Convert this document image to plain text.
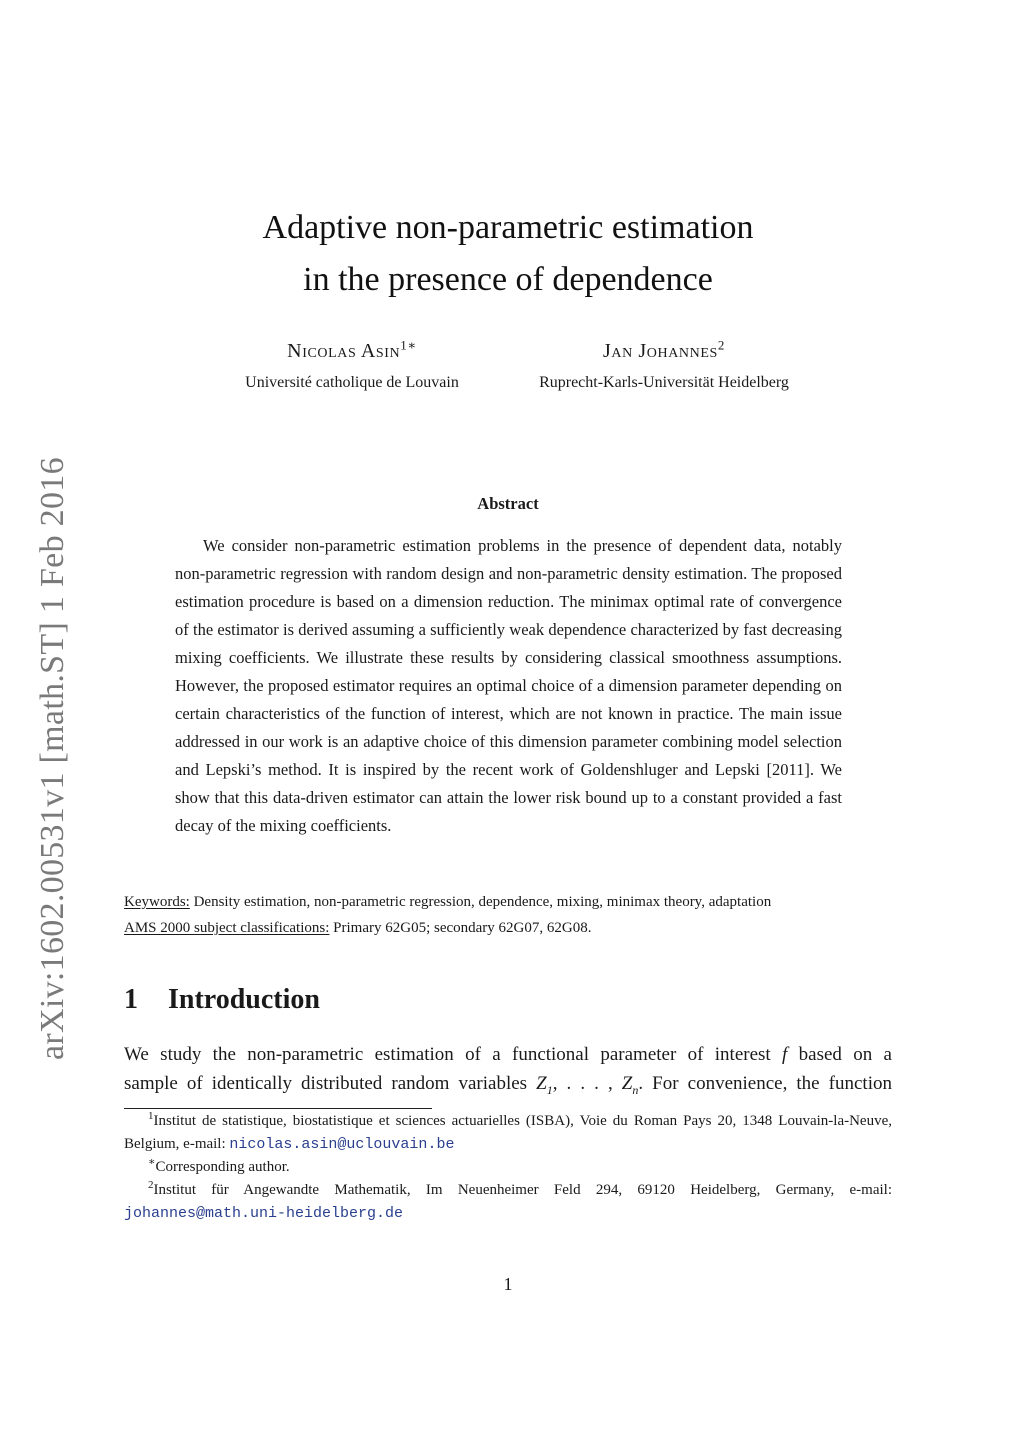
arXiv:1602.00531v1 [math.ST] 1 Feb 2016
Adaptive non-parametric estimation
in the presence of dependence
Nicolas Asin$^{1∗}$
Université catholique de Louvain
Jan Johannes$^2$
Ruprecht-Karls-Universität Heidelberg
Abstract

We consider non-parametric estimation problems in the presence of dependent data, notably non-parametric regression with random design and non-parametric density estimation. The proposed estimation procedure is based on a dimension reduction. The minimax optimal rate of convergence of the estimator is derived assuming a sufficiently weak dependence characterized by fast decreasing mixing coefficients. We illustrate these results by considering classical smoothness assumptions. However, the proposed estimator requires an optimal choice of a dimension parameter depending on certain characteristics of the function of interest, which are not known in practice. The main issue addressed in our work is an adaptive choice of this dimension parameter combining model selection and Lepski’s method. It is inspired by the recent work of Goldenshluger and Lepski [2011]. We show that this data-driven estimator can attain the lower risk bound up to a constant provided a fast decay of the mixing coefficients.

Keywords: Density estimation, non-parametric regression, dependence, mixing, minimax theory, adaptation
AMS 2000 subject classifications: Primary 62G05; secondary 62G07, 62G08.
1 Introduction
We study the non-parametric estimation of a functional parameter of interest f based on a
sample of identically distributed random variables $Z_1$, . . . , $Z_n$. For convenience, the function

$^1$Institut de statistique, biostatistique et sciences actuarielles (ISBA), Voie du Roman Pays 20, 1348 Louvain-la-Neuve, Belgium, e-mail: nicolas.asin@uclouvain.be

∗Corresponding author.

$^2$Institut für Angewandte Mathematik, Im Neuenheimer Feld 294, 69120 Heidelberg, Germany, e-mail: johannes@math.uni-heidelberg.de

1
